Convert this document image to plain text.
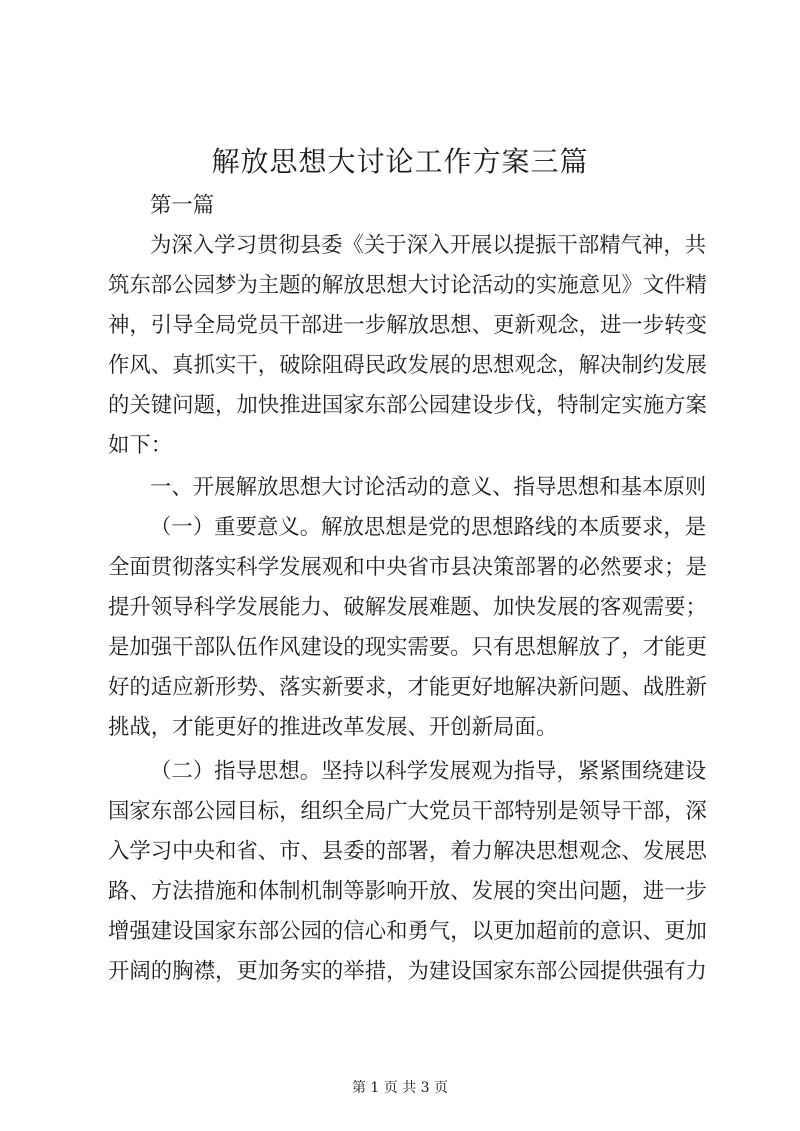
解放思想大讨论工作方案三篇
第一篇
为深入学习贯彻县委《关于深入开展以提振干部精气神，共
筑东部公园梦为主题的解放思想大讨论活动的实施意见》文件精
神，引导全局党员干部进一步解放思想、更新观念，进一步转变
作风、真抓实干，破除阻碍民政发展的思想观念，解决制约发展
的关键问题，加快推进国家东部公园建设步伐，特制定实施方案
如下：
一、开展解放思想大讨论活动的意义、指导思想和基本原则
（一）重要意义。解放思想是党的思想路线的本质要求，是
全面贯彻落实科学发展观和中央省市县决策部署的必然要求；是
提升领导科学发展能力、破解发展难题、加快发展的客观需要；
是加强干部队伍作风建设的现实需要。只有思想解放了，才能更
好的适应新形势、落实新要求，才能更好地解决新问题、战胜新
挑战，才能更好的推进改革发展、开创新局面。
（二）指导思想。坚持以科学发展观为指导，紧紧围绕建设
国家东部公园目标，组织全局广大党员干部特别是领导干部，深
入学习中央和省、市、县委的部署，着力解决思想观念、发展思
路、方法措施和体制机制等影响开放、发展的突出问题，进一步
增强建设国家东部公园的信心和勇气，以更加超前的意识、更加
开阔的胸襟，更加务实的举措，为建设国家东部公园提供强有力
第 1 页 共 3 页
